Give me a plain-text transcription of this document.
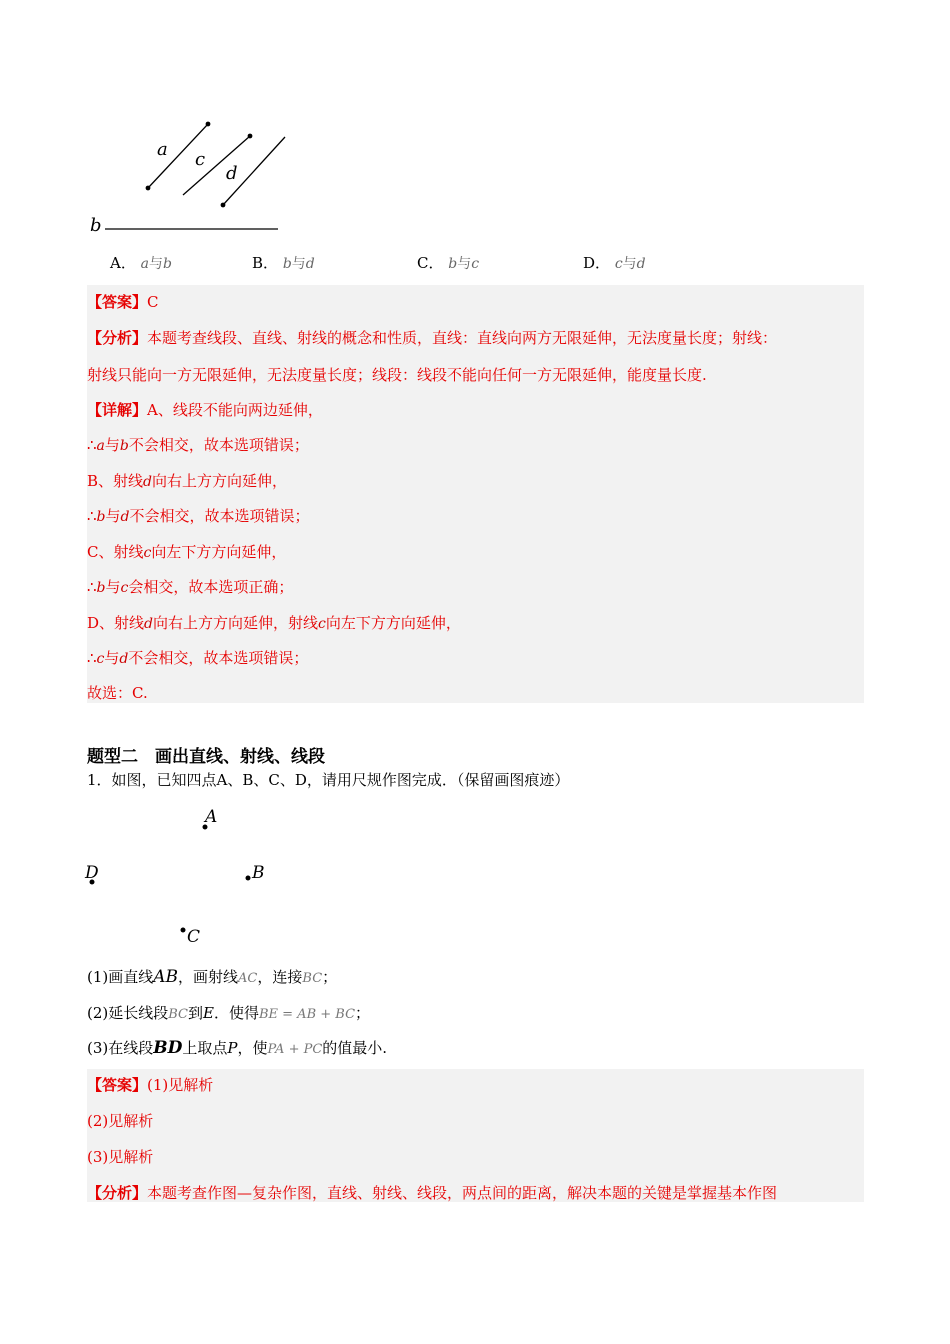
a c
d
b
A． a与b	B． b与d	C． b与c	D． c与d
【答案】C
【分析】本题考查线段、直线、射线的概念和性质，直线：直线向两方无限延伸，无法度量长度；射线：
射线只能向一方无限延伸，无法度量长度；线段：线段不能向任何一方无限延伸，能度量长度.
【详解】A、线段不能向两边延伸，
∴a与b不会相交，故本选项错误；
B、射线d向右上方方向延伸，
∴b与d不会相交，故本选项错误；
C、射线c向左下方方向延伸，
∴b与c会相交，故本选项正确；
D、射线d向右上方方向延伸，射线c向左下方方向延伸，
∴c与d不会相交，故本选项错误；
故选：C.
题型二　画出直线、射线、线段
1．如图，已知四点A、B、C、D，请用尺规作图完成．（保留画图痕迹）
A
B
C
D
(1)画直线AB，画射线AC，连接BC；
(2)延长线段BC到E．使得BE = AB + BC；
(3)在线段BD上取点P，使PA + PC的值最小.
【答案】(1)见解析
(2)见解析
(3)见解析
【分析】本题考查作图—复杂作图，直线、射线、线段，两点间的距离，解决本题的关键是掌握基本作图
